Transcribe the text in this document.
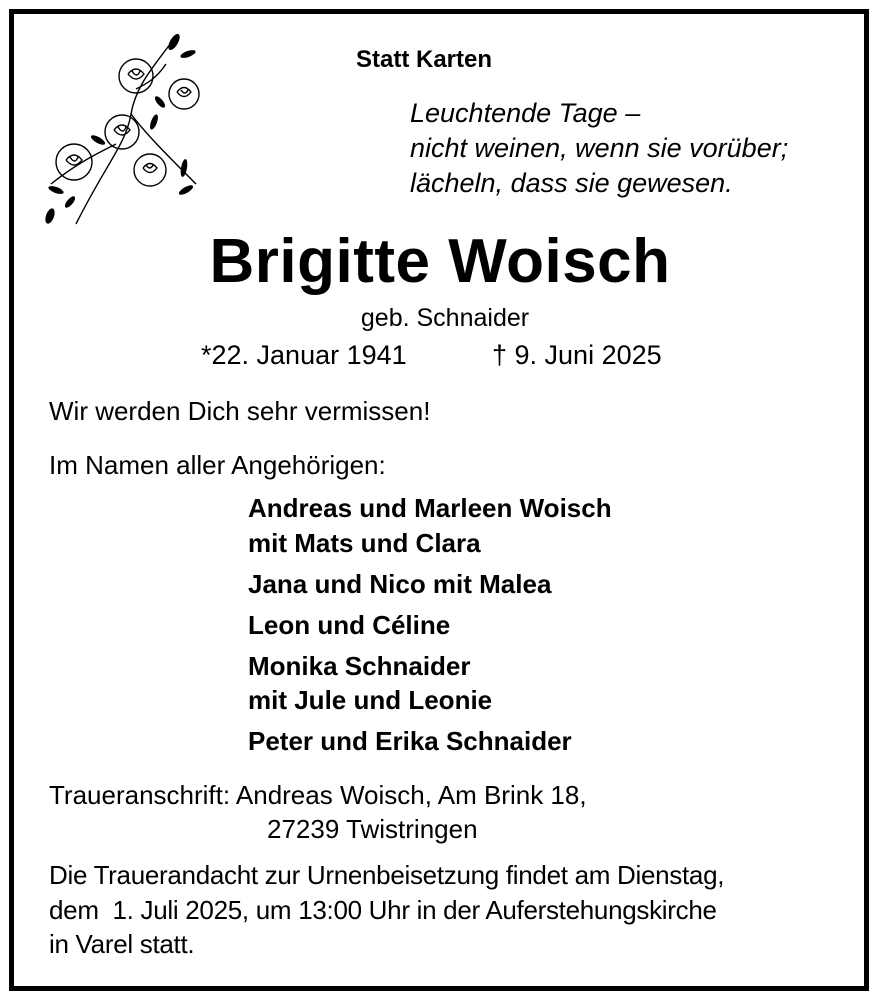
Statt Karten
Leuchtende Tage –
nicht weinen, wenn sie vorüber;
lächeln, dass sie gewesen.
Brigitte Woisch
geb. Schnaider
*22. Januar 1941	† 9. Juni 2025
Wir werden Dich sehr vermissen!
Im Namen aller Angehörigen:
Andreas und Marleen Woisch
mit Mats und Clara
Jana und Nico mit Malea
Leon und Céline
Monika Schnaider
mit Jule und Leonie
Peter und Erika Schnaider
Traueranschrift: Andreas Woisch, Am Brink 18,
27239 Twistringen
Die Trauerandacht zur Urnenbeisetzung findet am Dienstag,
dem  1. Juli 2025, um 13:00 Uhr in der Auferstehungskirche
in Varel statt.
